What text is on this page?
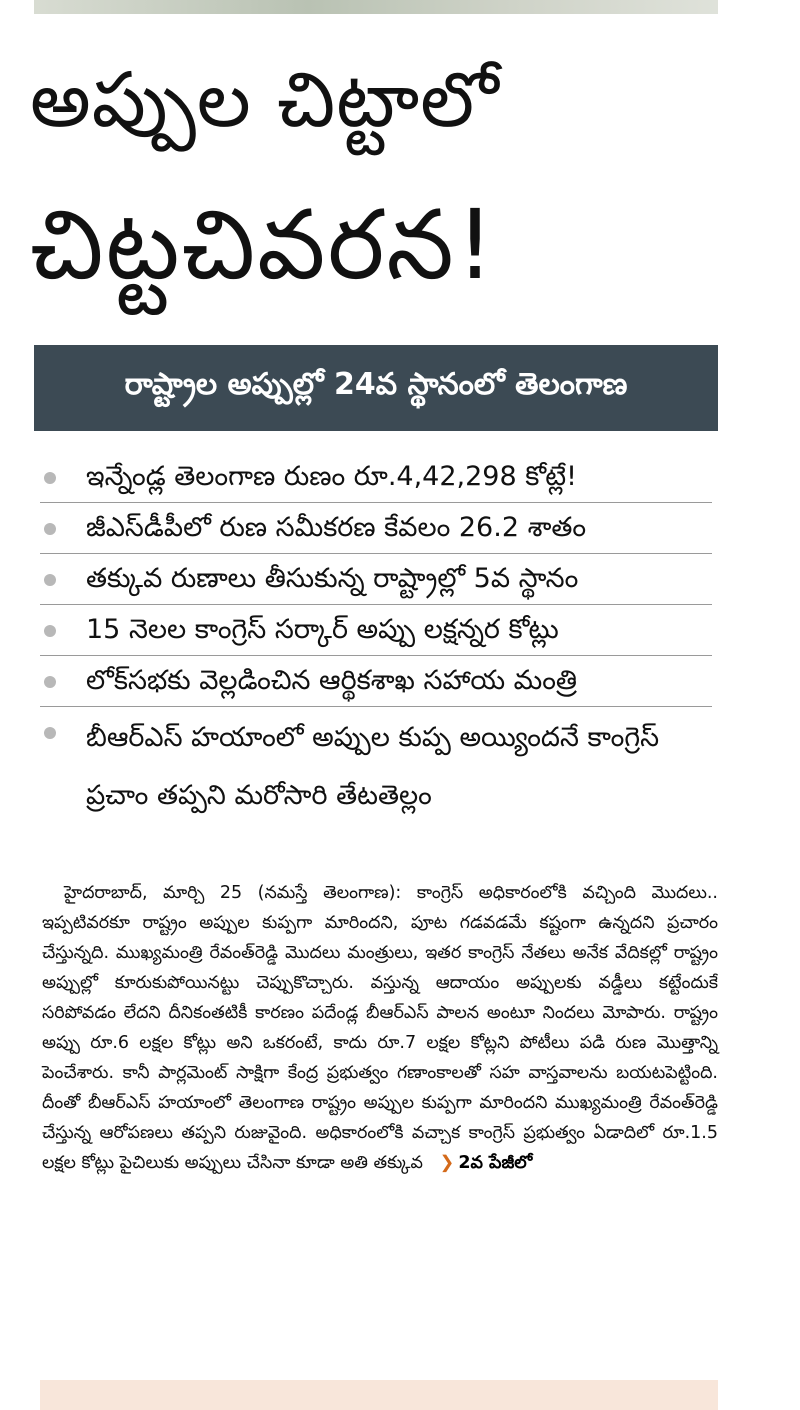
అప్పుల చిట్టాలో
చిట్టచివరన!
రాష్ట్రాల అప్పుల్లో 24వ స్థానంలో తెలంగాణ
ఇన్నేండ్ల తెలంగాణ రుణం రూ.4,42,298 కోట్లే!
జీఎస్‌డీపీలో రుణ సమీకరణ కేవలం 26.2 శాతం
తక్కువ రుణాలు తీసుకున్న రాష్ట్రాల్లో 5వ స్థానం
15 నెలల కాంగ్రెస్ సర్కార్ అప్పు లక్షన్నర కోట్లు
లోక్‌సభకు వెల్లడించిన ఆర్థికశాఖ సహాయ మంత్రి
బీఆర్‌ఎస్ హయాంలో అప్పుల కుప్ప అయ్యిందనే కాంగ్రెస్ ప్రచాం తప్పని మరోసారి తేటతెల్లం

హైదరాబాద్, మార్చి 25 (నమస్తే తెలంగాణ): కాంగ్రెస్ అధికారంలోకి వచ్చింది మొదలు.. ఇప్పటివరకూ రాష్ట్రం అప్పుల కుప్పగా మారిందని, పూట గడవడమే కష్టంగా ఉన్నదని ప్రచారం చేస్తున్నది. ముఖ్యమంత్రి రేవంత్‌రెడ్డి మొదలు మంత్రులు, ఇతర కాంగ్రెస్ నేతలు అనేక వేదికల్లో రాష్ట్రం అప్పుల్లో కూరుకుపోయినట్టు చెప్పుకొచ్చారు. వస్తున్న ఆదాయం అప్పులకు వడ్డీలు కట్టేందుకే సరిపోవడం లేదని దీనికంతటికీ కారణం పదేండ్ల బీఆర్‌ఎస్ పాలన అంటూ నిందలు మోపారు. రాష్ట్రం అప్పు రూ.6 లక్షల కోట్లు అని ఒకరంటే, కాదు రూ.7 లక్షల కోట్లని పోటీలు పడి రుణ మొత్తాన్ని పెంచేశారు. కానీ పార్లమెంట్ సాక్షిగా కేంద్ర ప్రభుత్వం గణాంకాలతో సహ వాస్తవాలను బయటపెట్టింది. దీంతో బీఆర్‌ఎస్ హయాంలో తెలంగాణ రాష్ట్రం అప్పుల కుప్పగా మారిందని ముఖ్యమంత్రి రేవంత్‌రెడ్డి చేస్తున్న ఆరోపణలు తప్పని రుజువైంది. అధికారంలోకి వచ్చాక కాంగ్రెస్ ప్రభుత్వం ఏడాదిలో రూ.1.5 లక్షల కోట్లు పైచిలుకు అప్పులు చేసినా కూడా అతి తక్కువ ❯ 2వ పేజీలో
